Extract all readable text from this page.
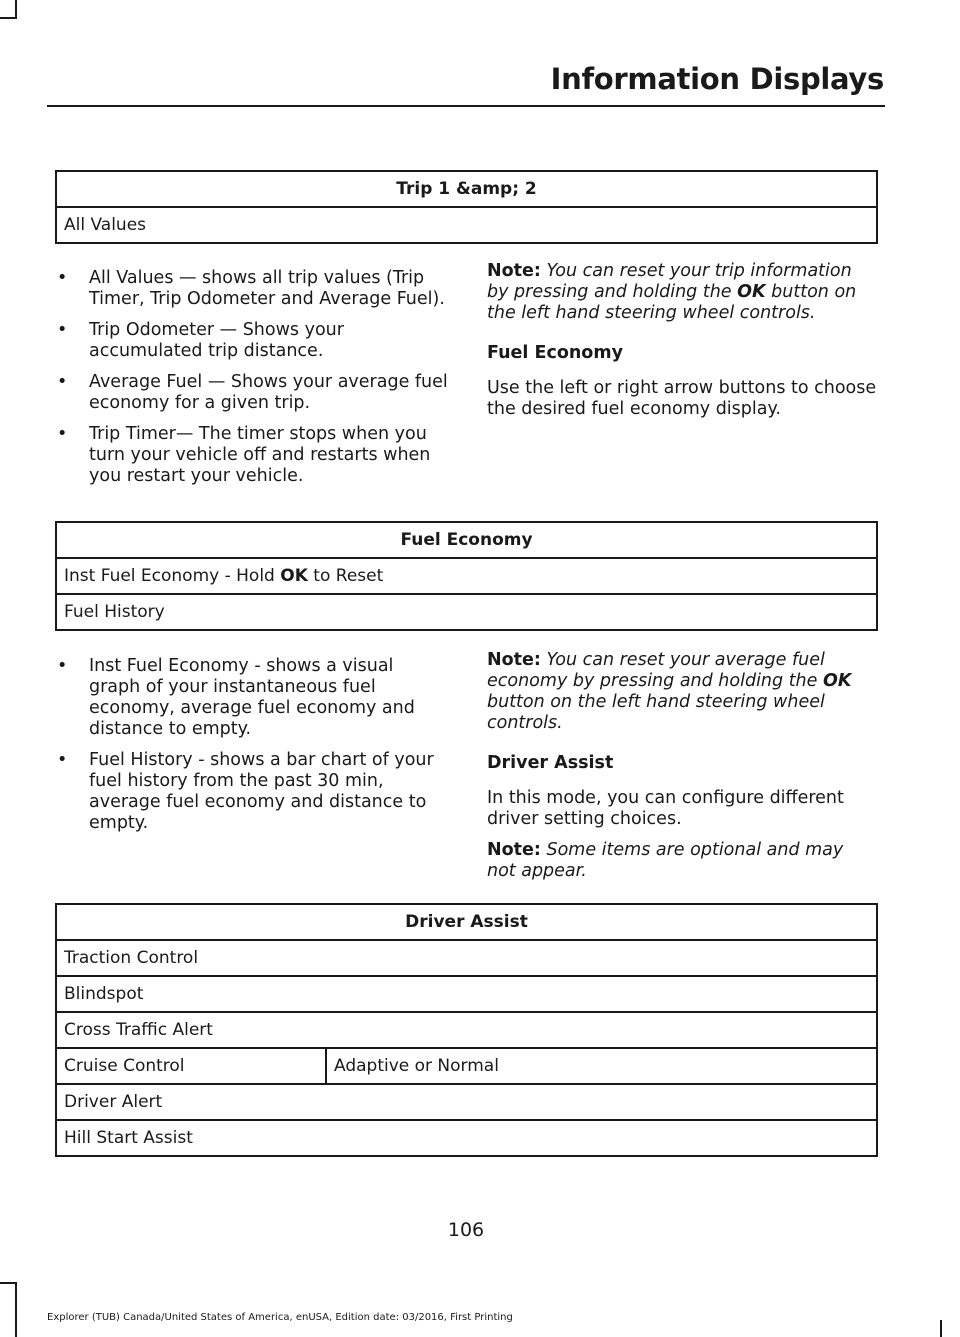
Information Displays
Trip 1 &amp; 2
All Values
• All Values — shows all trip values (Trip Timer, Trip Odometer and Average Fuel).
• Trip Odometer — Shows your accumulated trip distance.
• Average Fuel — Shows your average fuel economy for a given trip.
• Trip Timer— The timer stops when you turn your vehicle off and restarts when you restart your vehicle.

Note: You can reset your trip information by pressing and holding the OK button on the left hand steering wheel controls.

Fuel Economy

Use the left or right arrow buttons to choose the desired fuel economy display.

Fuel Economy
Inst Fuel Economy - Hold OK to Reset
Fuel History
• Inst Fuel Economy - shows a visual graph of your instantaneous fuel economy, average fuel economy and distance to empty.
• Fuel History - shows a bar chart of your fuel history from the past 30 min, average fuel economy and distance to empty.

Note: You can reset your average fuel economy by pressing and holding the OK button on the left hand steering wheel controls.

Driver Assist

In this mode, you can configure different driver setting choices.

Note: Some items are optional and may not appear.

Driver Assist
Traction Control
Blindspot
Cross Traffic Alert
Cruise Control	Adaptive or Normal
Driver Alert
Hill Start Assist
106
Explorer (TUB) Canada/United States of America, enUSA, Edition date: 03/2016, First Printing
